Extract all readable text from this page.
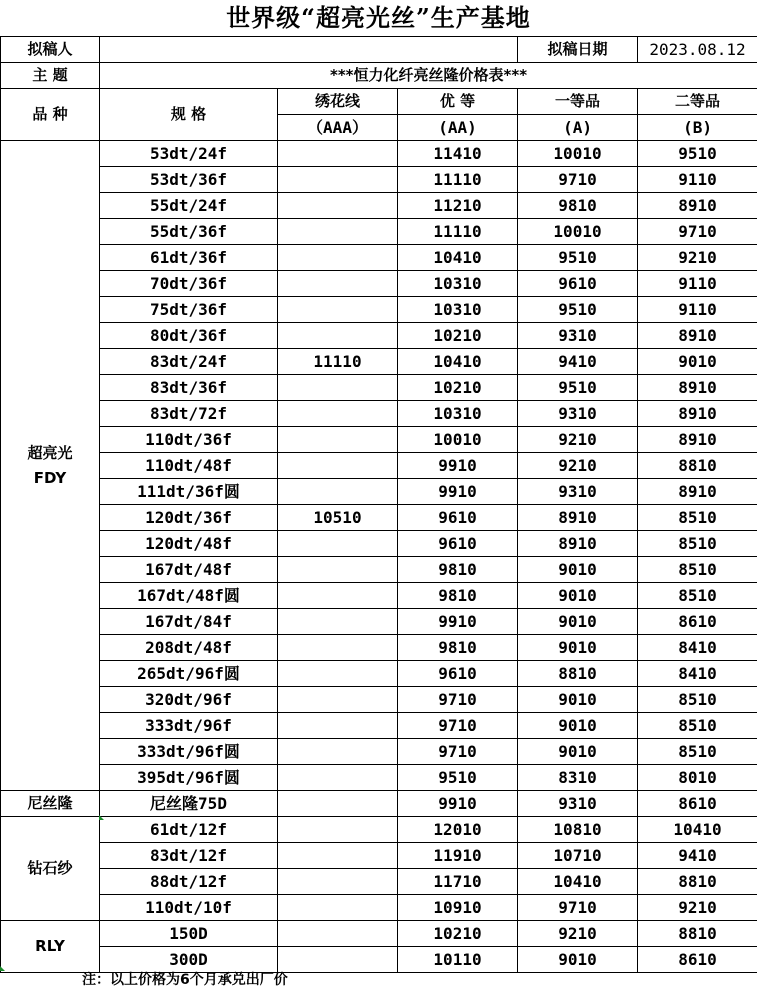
世界级“超亮光丝”生产基地
拟稿人				拟稿日期	2023.08.12
主 题	***恒力化纤亮丝隆价格表***				
品 种	规 格	绣花线	优 等	一等品	二等品
		（AAA）	(AA)	(A)	(B)
超亮光
FDY	53dt/24f		11410	10010	9510
	53dt/36f		11110	9710	9110
	55dt/24f		11210	9810	8910
	55dt/36f		11110	10010	9710
	61dt/36f		10410	9510	9210
	70dt/36f		10310	9610	9110
	75dt/36f		10310	9510	9110
	80dt/36f		10210	9310	8910
	83dt/24f	11110	10410	9410	9010
	83dt/36f		10210	9510	8910
	83dt/72f		10310	9310	8910
	110dt/36f		10010	9210	8910
	110dt/48f		9910	9210	8810
	111dt/36f圆		9910	9310	8910
	120dt/36f	10510	9610	8910	8510
	120dt/48f		9610	8910	8510
	167dt/48f		9810	9010	8510
	167dt/48f圆		9810	9010	8510
	167dt/84f		9910	9010	8610
	208dt/48f		9810	9010	8410
	265dt/96f圆		9610	8810	8410
	320dt/96f		9710	9010	8510
	333dt/96f		9710	9010	8510
	333dt/96f圆		9710	9010	8510
	395dt/96f圆		9510	8310	8010
尼丝隆	尼丝隆75D		9910	9310	8610
钻石纱	61dt/12f		12010	10810	10410
	83dt/12f		11910	10710	9410
	88dt/12f		11710	10410	8810
	110dt/10f		10910	9710	9210
RLY	150D		10210	9210	8810
	300D		10110	9010	8610
注：以上价格为6个月承兑出厂价
